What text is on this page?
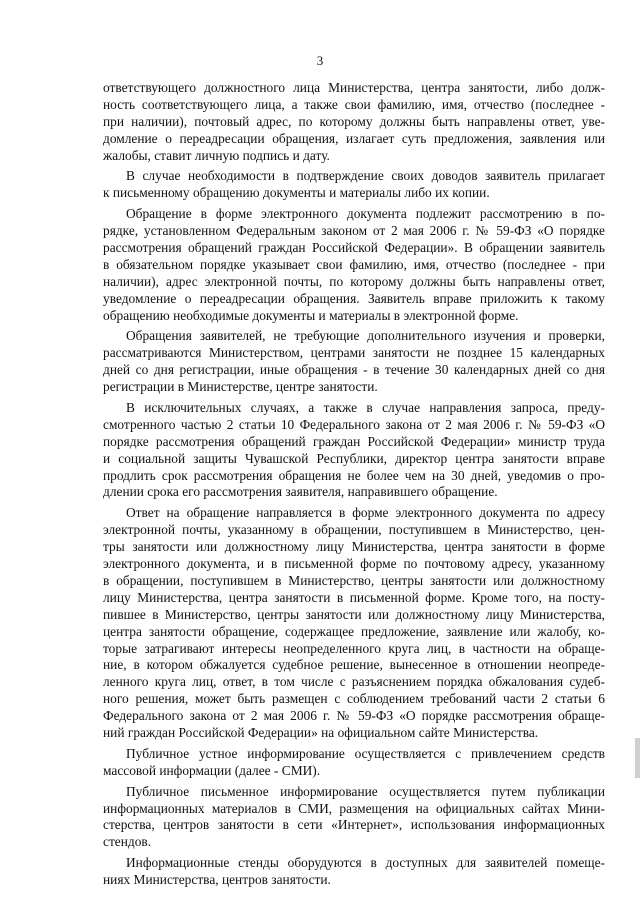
3
ответствующего должностного лица Министерства, центра занятости, либо долж-
ность соответствующего лица, а также свои фамилию, имя, отчество (последнее -
при наличии), почтовый адрес, по которому должны быть направлены ответ, уве-
домление о переадресации обращения, излагает суть предложения, заявления или
жалобы, ставит личную подпись и дату.
В случае необходимости в подтверждение своих доводов заявитель прилагает
к письменному обращению документы и материалы либо их копии.
Обращение в форме электронного документа подлежит рассмотрению в по-
рядке, установленном Федеральным законом от 2 мая 2006 г. № 59-ФЗ «О порядке
рассмотрения обращений граждан Российской Федерации». В обращении заявитель
в обязательном порядке указывает свои фамилию, имя, отчество (последнее - при
наличии), адрес электронной почты, по которому должны быть направлены ответ,
уведомление о переадресации обращения. Заявитель вправе приложить к такому
обращению необходимые документы и материалы в электронной форме.
Обращения заявителей, не требующие дополнительного изучения и проверки,
рассматриваются Министерством, центрами занятости не позднее 15 календарных
дней со дня регистрации, иные обращения - в течение 30 календарных дней со дня
регистрации в Министерстве, центре занятости.
В исключительных случаях, а также в случае направления запроса, преду-
смотренного частью 2 статьи 10 Федерального закона от 2 мая 2006 г. № 59-ФЗ «О
порядке рассмотрения обращений граждан Российской Федерации» министр труда
и социальной защиты Чувашской Республики, директор центра занятости вправе
продлить срок рассмотрения обращения не более чем на 30 дней, уведомив о про-
длении срока его рассмотрения заявителя, направившего обращение.
Ответ на обращение направляется в форме электронного документа по адресу
электронной почты, указанному в обращении, поступившем в Министерство, цен-
тры занятости или должностному лицу Министерства, центра занятости в форме
электронного документа, и в письменной форме по почтовому адресу, указанному
в обращении, поступившем в Министерство, центры занятости или должностному
лицу Министерства, центра занятости в письменной форме. Кроме того, на посту-
пившее в Министерство, центры занятости или должностному лицу Министерства,
центра занятости обращение, содержащее предложение, заявление или жалобу, ко-
торые затрагивают интересы неопределенного круга лиц, в частности на обраще-
ние, в котором обжалуется судебное решение, вынесенное в отношении неопреде-
ленного круга лиц, ответ, в том числе с разъяснением порядка обжалования судеб-
ного решения, может быть размещен с соблюдением требований части 2 статьи 6
Федерального закона от 2 мая 2006 г. № 59-ФЗ «О порядке рассмотрения обраще-
ний граждан Российской Федерации» на официальном сайте Министерства.
Публичное устное информирование осуществляется с привлечением средств
массовой информации (далее - СМИ).
Публичное письменное информирование осуществляется путем публикации
информационных материалов в СМИ, размещения на официальных сайтах Мини-
стерства, центров занятости в сети «Интернет», использования информационных
стендов.
Информационные стенды оборудуются в доступных для заявителей помеще-
ниях Министерства, центров занятости.
